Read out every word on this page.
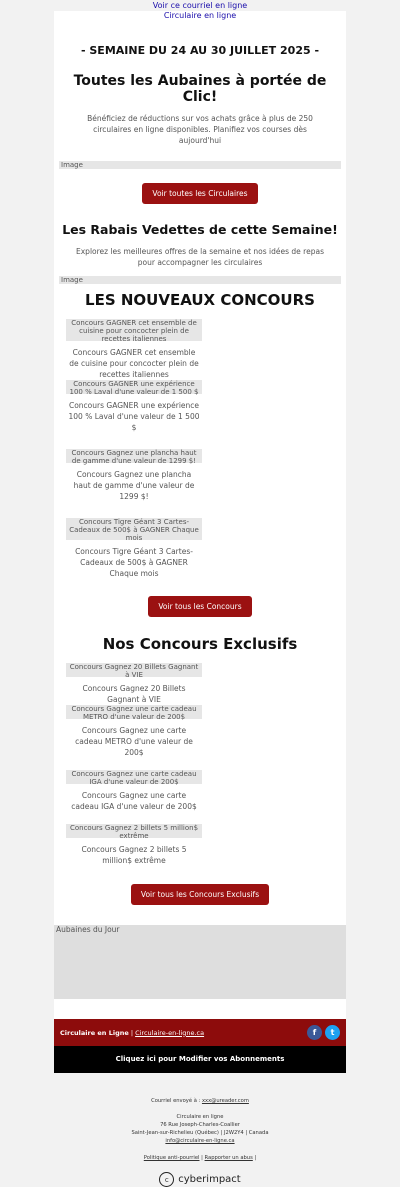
Voir ce courriel en ligne
Circulaire en ligne
- SEMAINE DU 24 AU 30 JUILLET 2025 -
Toutes les Aubaines à portée de Clic!
Bénéficiez de réductions sur vos achats grâce à plus de 250 circulaires en ligne disponibles. Planifiez vos courses dès aujourd'hui
Image
Voir toutes les Circulaires
Les Rabais Vedettes de cette Semaine!
Explorez les meilleures offres de la semaine et nos idées de repas pour accompagner les circulaires
Image
LES NOUVEAUX CONCOURS
Concours GAGNER cet ensemble de cuisine pour concocter plein de recettes italiennes
Concours GAGNER cet ensemble de cuisine pour concocter plein de recettes italiennes
Concours GAGNER une expérience 100 % Laval d'une valeur de 1 500 $
Concours GAGNER une expérience 100 % Laval d'une valeur de 1 500 $
Concours Gagnez une plancha haut de gamme d'une valeur de 1299 $!
Concours Gagnez une plancha haut de gamme d'une valeur de 1299 $!
Concours Tigre Géant 3 Cartes-Cadeaux de 500$ à GAGNER Chaque mois
Concours Tigre Géant 3 Cartes-Cadeaux de 500$ à GAGNER Chaque mois
Voir tous les Concours
Nos Concours Exclusifs
Concours Gagnez 20 Billets Gagnant à VIE
Concours Gagnez 20 Billets Gagnant à VIE
Concours Gagnez une carte cadeau METRO d'une valeur de 200$
Concours Gagnez une carte cadeau METRO d'une valeur de 200$
Concours Gagnez une carte cadeau IGA d'une valeur de 200$
Concours Gagnez une carte cadeau IGA d'une valeur de 200$
Concours Gagnez 2 billets 5 million$ extrême
Concours Gagnez 2 billets 5 million$ extrême
Voir tous les Concours Exclusifs
Aubaines du Jour
Circulaire en Ligne | Circulaire-en-ligne.ca	f	t
Cliquez ici pour Modifier vos Abonnements
Courriel envoyé à : xxx@ureader.com
Circulaire en ligne
76 Rue Joseph-Charles-Coallier
Saint-Jean-sur-Richelieu (Québec) | J2W2Y4 | Canada
info@circulaire-en-ligne.ca
Politique anti-pourriel | Rapporter un abus |
c cyberimpact
